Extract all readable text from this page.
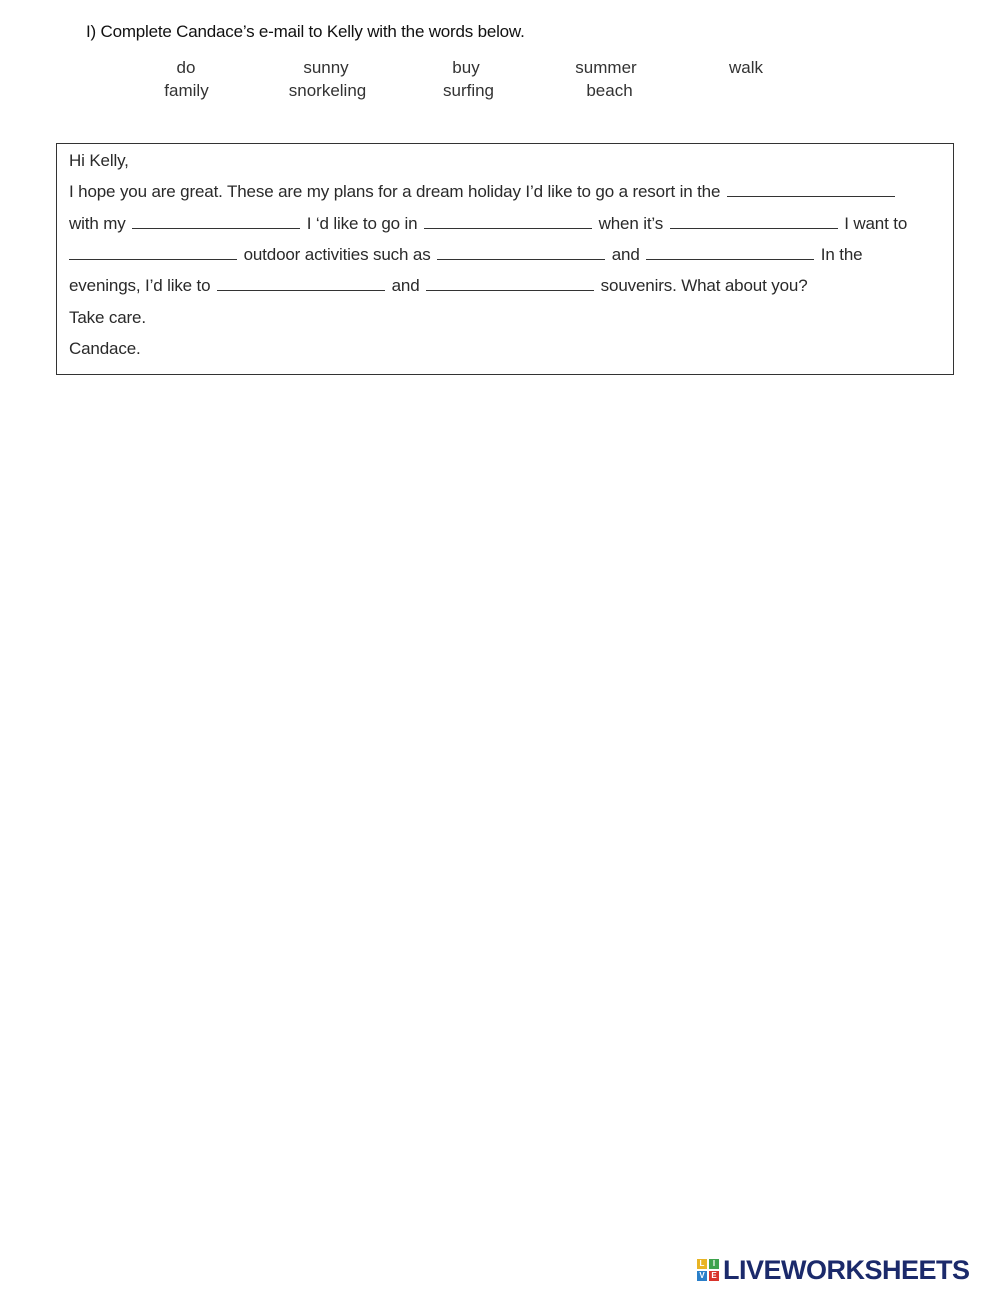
I) Complete Candace’s e-mail to Kelly with the words below.
do	sunny	buy	summer	walk
family	snorkeling	surfing	beach
Hi Kelly,
I hope you are great. These are my plans for a dream holiday I’d like to go a resort in the
with my	I ‘d like to go in	when it’s	I want to
outdoor activities such as	and	In the
evenings, I’d like to	and	souvenirs. What about you?
Take care.
Candace.
L	I
V E LIVEWORKSHEETS
